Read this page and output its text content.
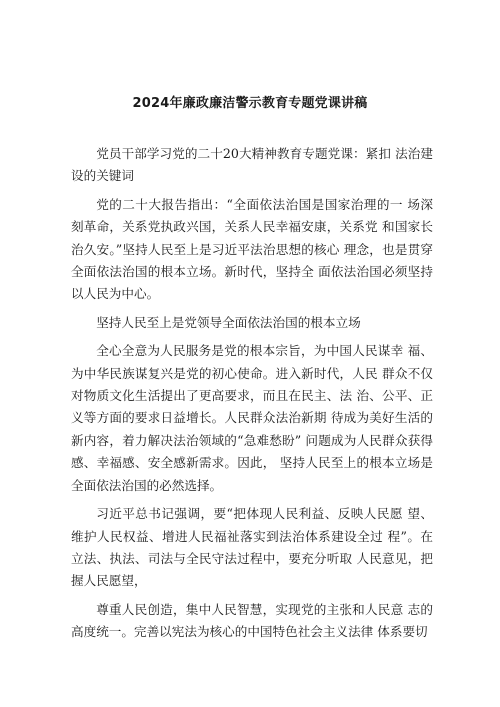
2024年廉政廉洁警示教育专题党课讲稿

党员干部学习党的二十20大精神教育专题党课：紧扣 法治建设的关键词

党的二十大报告指出：“全面依法治国是国家治理的一 场深刻革命，关系党执政兴国，关系人民幸福安康，关系党 和国家长治久安。”坚持人民至上是习近平法治思想的核心 理念，也是贯穿全面依法治国的根本立场。新时代，坚持全 面依法治国必须坚持以人民为中心。

坚持人民至上是党领导全面依法治国的根本立场

全心全意为人民服务是党的根本宗旨，为中国人民谋幸 福、为中华民族谋复兴是党的初心使命。进入新时代，人民 群众不仅对物质文化生活提出了更高要求，而且在民主、法 治、公平、正义等方面的要求日益增长。人民群众法治新期 待成为美好生活的新内容，着力解决法治领域的“急难愁盼” 问题成为人民群众获得感、幸福感、安全感新需求。因此， 坚持人民至上的根本立场是全面依法治国的必然选择。

习近平总书记强调，要“把体现人民利益、反映人民愿 望、维护人民权益、增进人民福祉落实到法治体系建设全过 程”。在立法、执法、司法与全民守法过程中，要充分听取 人民意见，把握人民愿望，

尊重人民创造，集中人民智慧，实现党的主张和人民意 志的高度统一。完善以宪法为核心的中国特色社会主义法律 体系要切
